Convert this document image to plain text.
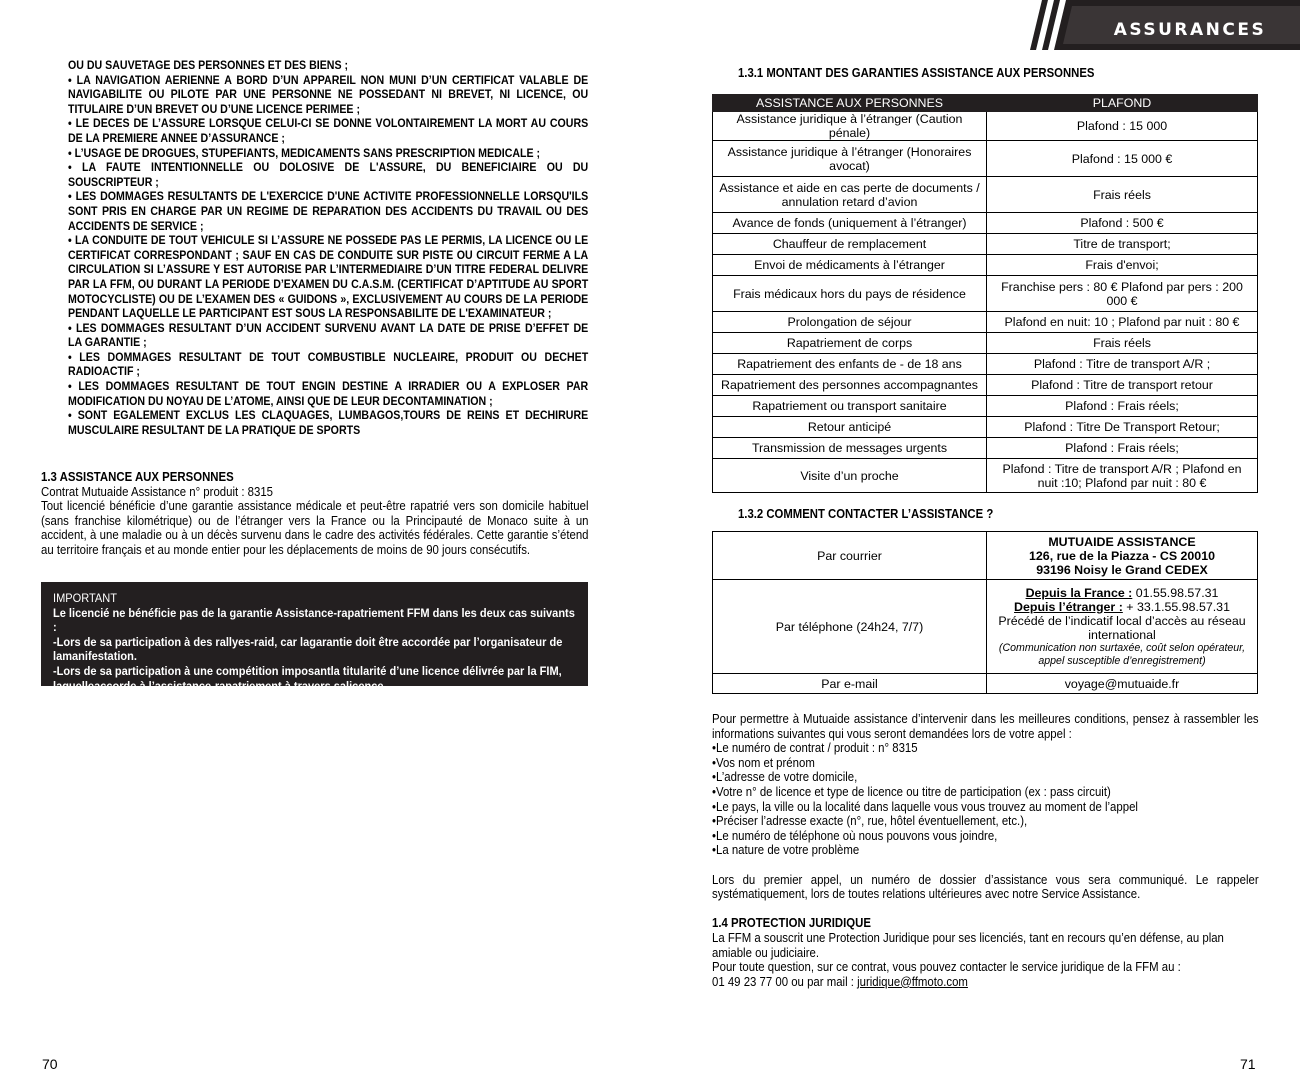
OU DU SAUVETAGE DES PERSONNES ET DES BIENS ;

• LA NAVIGATION AERIENNE A BORD D’UN APPAREIL NON MUNI D’UN CERTIFICAT VALABLE DE NAVIGABILITE OU PILOTE PAR UNE PERSONNE NE POSSEDANT NI BREVET, NI LICENCE, OU TITULAIRE D’UN BREVET OU D’UNE LICENCE PERIMEE ;

• LE DECES DE L’ASSURE LORSQUE CELUI-CI SE DONNE VOLONTAIREMENT LA MORT AU COURS DE LA PREMIERE ANNEE D’ASSURANCE ;

• L’USAGE DE DROGUES, STUPEFIANTS, MEDICAMENTS SANS PRESCRIPTION MEDICALE ;

• LA FAUTE INTENTIONNELLE OU DOLOSIVE DE L'ASSURE, DU BENEFICIAIRE OU DU SOUSCRIPTEUR ;

• LES DOMMAGES RESULTANTS DE L'EXERCICE D'UNE ACTIVITE PROFESSIONNELLE LORSQU'ILS SONT PRIS EN CHARGE PAR UN REGIME DE REPARATION DES ACCIDENTS DU TRAVAIL OU DES ACCIDENTS DE SERVICE ;

• LA CONDUITE DE TOUT VEHICULE SI L’ASSURE NE POSSEDE PAS LE PERMIS, LA LICENCE OU LE CERTIFICAT CORRESPONDANT ; SAUF EN CAS DE CONDUITE SUR PISTE OU CIRCUIT FERME A LA CIRCULATION SI L’ASSURE Y EST AUTORISE PAR L’INTERMEDIAIRE D’UN TITRE FEDERAL DELIVRE PAR LA FFM, OU DURANT LA PERIODE D’EXAMEN DU C.A.S.M. (CERTIFICAT D’APTITUDE AU SPORT MOTOCYCLISTE) OU DE L’EXAMEN DES « GUIDONS », EXCLUSIVEMENT AU COURS DE LA PERIODE PENDANT LAQUELLE LE PARTICIPANT EST SOUS LA RESPONSABILITE DE L'EXAMINATEUR ;

• LES DOMMAGES RESULTANT D’UN ACCIDENT SURVENU AVANT LA DATE DE PRISE D’EFFET DE LA GARANTIE ;

• LES DOMMAGES RESULTANT DE TOUT COMBUSTIBLE NUCLEAIRE, PRODUIT OU DECHET RADIOACTIF ;

• LES DOMMAGES RESULTANT DE TOUT ENGIN DESTINE A IRRADIER OU A EXPLOSER PAR MODIFICATION DU NOYAU DE L’ATOME, AINSI QUE DE LEUR DECONTAMINATION ;

• SONT EGALEMENT EXCLUS LES CLAQUAGES, LUMBAGOS,TOURS DE REINS ET DECHIRURE MUSCULAIRE RESULTANT DE LA PRATIQUE DE SPORTS

1.3 ASSISTANCE AUX PERSONNES

Contrat Mutuaide Assistance n° produit : 8315

Tout licencié bénéficie d’une garantie assistance médicale et peut-être rapatrié vers son domicile habituel (sans franchise kilométrique) ou de l’étranger vers la France ou la Principauté de Monaco suite à un accident, à une maladie ou à un décès survenu dans le cadre des activités fédérales. Cette garantie s’étend au territoire français et au monde entier pour les déplacements de moins de 90 jours consécutifs.

IMPORTANT

Le licencié ne bénéficie pas de la garantie Assistance-rapatriement FFM dans les deux cas suivants :

-Lors de sa participation à des rallyes-raid, car lagarantie doit être accordée par l’organisateur de lamanifestation.

-Lors de sa participation à une compétition imposantla titularité d’une licence délivrée par la FIM, laquelleaccorde à l’assistance-rapatriement à travers salicence.

70
ASSURANCES
1.3.1 MONTANT DES GARANTIES ASSISTANCE AUX PERSONNES
ASSISTANCE AUX PERSONNES	PLAFOND
Assistance juridique à l’étranger (Caution pénale)	Plafond : 15 000
Assistance juridique à l’étranger (Honoraires avocat)	Plafond : 15 000 €
Assistance et aide en cas perte de documents / annulation retard d’avion	Frais réels
Avance de fonds (uniquement à l’étranger)	Plafond : 500 €
Chauffeur de remplacement	Titre de transport;
Envoi de médicaments à l’étranger	Frais d'envoi;
Frais médicaux hors du pays de résidence	Franchise pers : 80 € Plafond par pers : 200 000 €
Prolongation de séjour	Plafond en nuit: 10 ; Plafond par nuit : 80 €
Rapatriement de corps	Frais réels
Rapatriement des enfants de - de 18 ans	Plafond : Titre de transport A/R ;
Rapatriement des personnes accompagnantes	Plafond : Titre de transport retour
Rapatriement ou transport sanitaire	Plafond : Frais réels;
Retour anticipé	Plafond : Titre De Transport Retour;
Transmission de messages urgents	Plafond : Frais réels;
Visite d’un proche	Plafond : Titre de transport A/R ; Plafond en nuit :10; Plafond par nuit : 80 €
1.3.2 COMMENT CONTACTER L’ASSISTANCE ?
Par courrier	MUTUAIDE ASSISTANCE
126, rue de la Piazza - CS 20010
93196 Noisy le Grand CEDEX

Par téléphone (24h24, 7/7)	Depuis la France : 01.55.98.57.31
Depuis l’étranger : + 33.1.55.98.57.31
Précédé de l’indicatif local d’accès au réseau international
(Communication non surtaxée, coût selon opérateur, appel susceptible d’enregistrement)

Par e-mail	voyage@mutuaide.fr

Pour permettre à Mutuaide assistance d’intervenir dans les meilleures conditions, pensez à rassembler les informations suivantes qui vous seront demandées lors de votre appel :

•Le numéro de contrat / produit : n° 8315

•Vos nom et prénom

•L’adresse de votre domicile,

•Votre n° de licence et type de licence ou titre de participation (ex : pass circuit)

•Le pays, la ville ou la localité dans laquelle vous vous trouvez au moment de l’appel

•Préciser l’adresse exacte (n°, rue, hôtel éventuellement, etc.),

•Le numéro de téléphone où nous pouvons vous joindre,

•La nature de votre problème

Lors du premier appel, un numéro de dossier d’assistance vous sera communiqué. Le rappeler systématiquement, lors de toutes relations ultérieures avec notre Service Assistance.

1.4 PROTECTION JURIDIQUE

La FFM a souscrit une Protection Juridique pour ses licenciés, tant en recours qu’en défense, au plan amiable ou judiciaire.

Pour toute question, sur ce contrat, vous pouvez contacter le service juridique de la FFM au :

01 49 23 77 00 ou par mail : juridique@ffmoto.com

71
